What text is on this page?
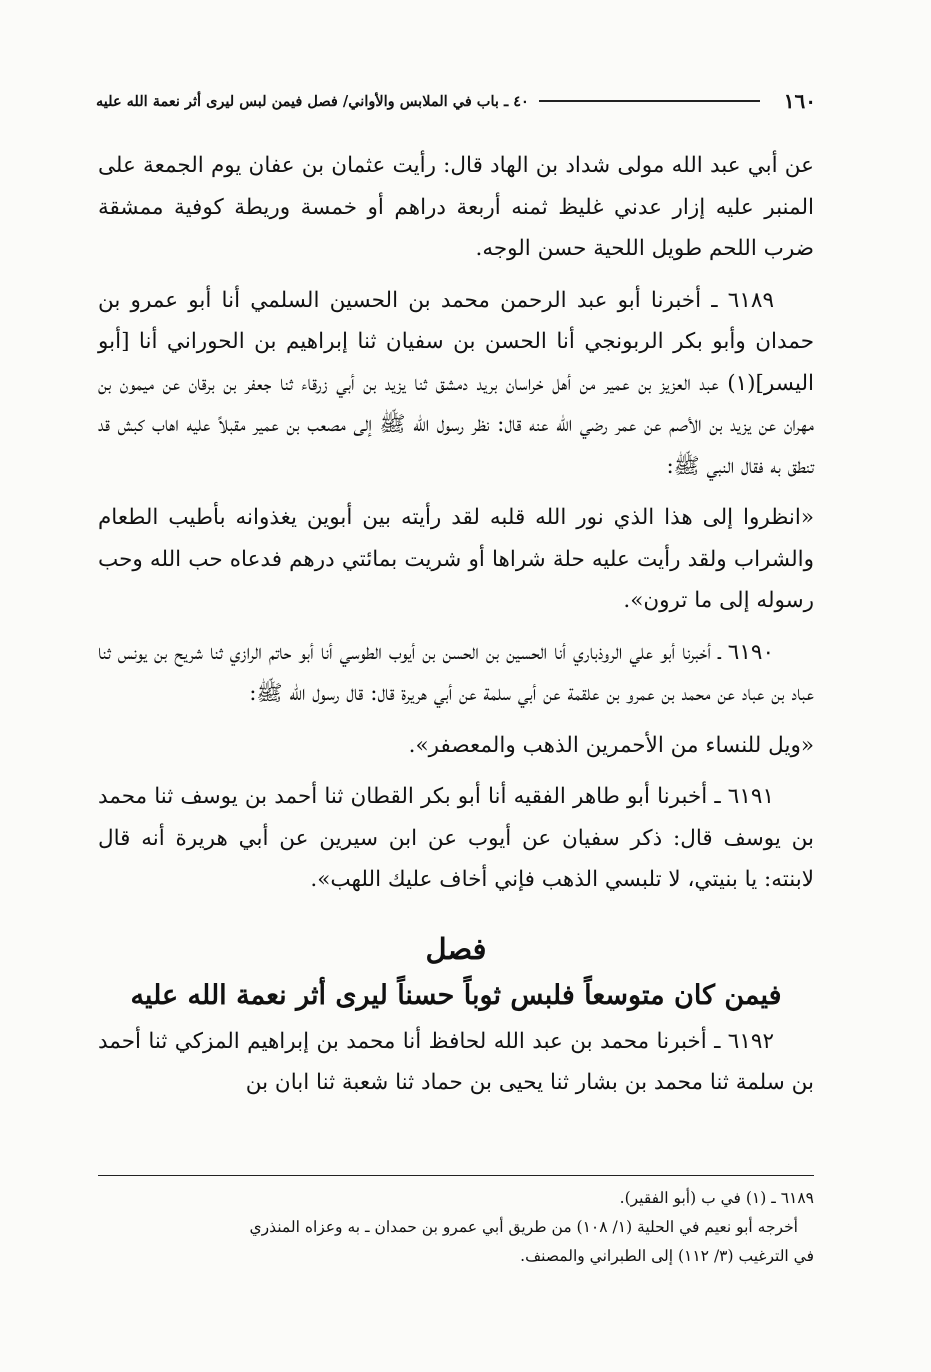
١٦٠
٤٠ ـ باب في الملابس والأواني/ فصل فيمن لبس ليرى أثر نعمة الله عليه

عن أبي عبد الله مولى شداد بن الهاد قال: رأيت عثمان بن عفان يوم الجمعة على المنبر عليه إزار عدني غليظ ثمنه أربعة دراهم أو خمسة وريطة كوفية ممشقة ضرب اللحم طويل اللحية حسن الوجه.

٦١٨٩ ـ أخبرنا أبو عبد الرحمن محمد بن الحسين السلمي أنا أبو عمرو بن حمدان وأبو بكر الربونجي أنا الحسن بن سفيان ثنا إبراهيم بن الحوراني أنا [أبو اليسر](١) عبد العزيز بن عمير من أهل خراسان بريد دمشق ثنا يزيد بن أبي زرقاء ثنا جعفر بن برقان عن ميمون بن مهران عن يزيد بن الأصم عن عمر رضي الله عنه قال: نظر رسول الله ﷺ إلى مصعب بن عمير مقبلاً عليه اهاب كبش قد تنطق به فقال النبي ﷺ:

«انظروا إلى هذا الذي نور الله قلبه لقد رأيته بين أبوين يغذوانه بأطيب الطعام والشراب ولقد رأيت عليه حلة شراها أو شريت بمائتي درهم فدعاه حب الله وحب رسوله إلى ما ترون».

٦١٩٠ ـ أخبرنا أبو علي الروذباري أنا الحسين بن الحسن بن أيوب الطوسي أنا أبو حاتم الرازي ثنا شريح بن يونس ثنا عباد بن عباد عن محمد بن عمرو بن علقمة عن أبي سلمة عن أبي هريرة قال: قال رسول الله ﷺ:

«ويل للنساء من الأحمرين الذهب والمعصفر».

٦١٩١ ـ أخبرنا أبو طاهر الفقيه أنا أبو بكر القطان ثنا أحمد بن يوسف ثنا محمد بن يوسف قال: ذكر سفيان عن أيوب عن ابن سيرين عن أبي هريرة أنه قال لابنته: يا بنيتي، لا تلبسي الذهب فإني أخاف عليك اللهب».

فصل
فيمن كان متوسعاً فلبس ثوباً حسناً ليرى أثر نعمة الله عليه

٦١٩٢ ـ أخبرنا محمد بن عبد الله لحافظ أنا محمد بن إبراهيم المزكي ثنا أحمد بن سلمة ثنا محمد بن بشار ثنا يحيى بن حماد ثنا شعبة ثنا ابان بن

٦١٨٩ ـ (١) في ب (أبو الفقير).

أخرجه أبو نعيم في الحلية (١/ ١٠٨) من طريق أبي عمرو بن حمدان ـ به وعزاه المنذري

في الترغيب (٣/ ١١٢) إلى الطبراني والمصنف.
